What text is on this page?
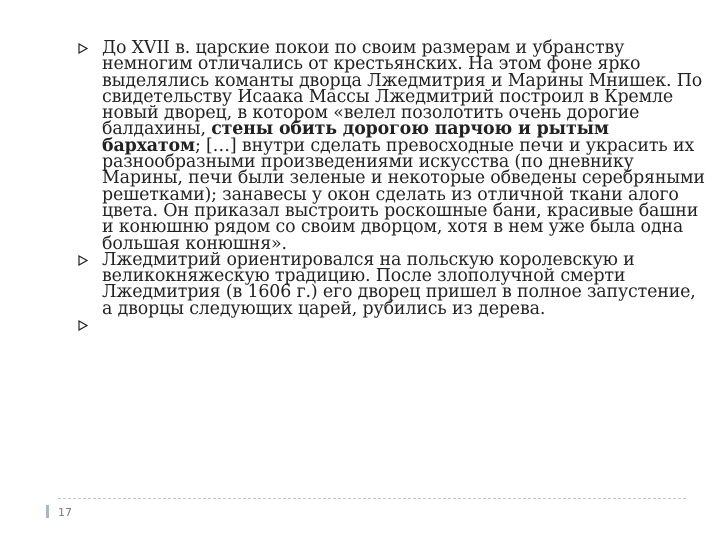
До XVII в. царские покои по своим размерам и убранству немногим отличались от крестьянских. На этом фоне ярко выделялись команты дворца Лжедмитрия и Марины Мнишек. По свидетельству Исаака Массы Лжедмитрий построил в Кремле новый дворец, в котором «велел позолотить очень дорогие балдахины, стены обить дорогою парчою и рытым бархатом; […] внутри сделать превосходные печи и украсить их разнообразными произведениями искусства (по дневнику Марины, печи были зеленые и некоторые обведены серебряными решетками); занавесы у окон сделать из отличной ткани алого цвета. Он приказал выстроить роскошные бани, красивые башни и конюшню рядом со своим дворцом, хотя в нем уже была одна большая конюшня».
Лжедмитрий ориентировался на польскую королевскую и великокняжескую традицию. После злополучной смерти Лжедмитрия (в 1606 г.) его дворец пришел в полное запустение, а дворцы следующих царей, рубились из дерева.
17
